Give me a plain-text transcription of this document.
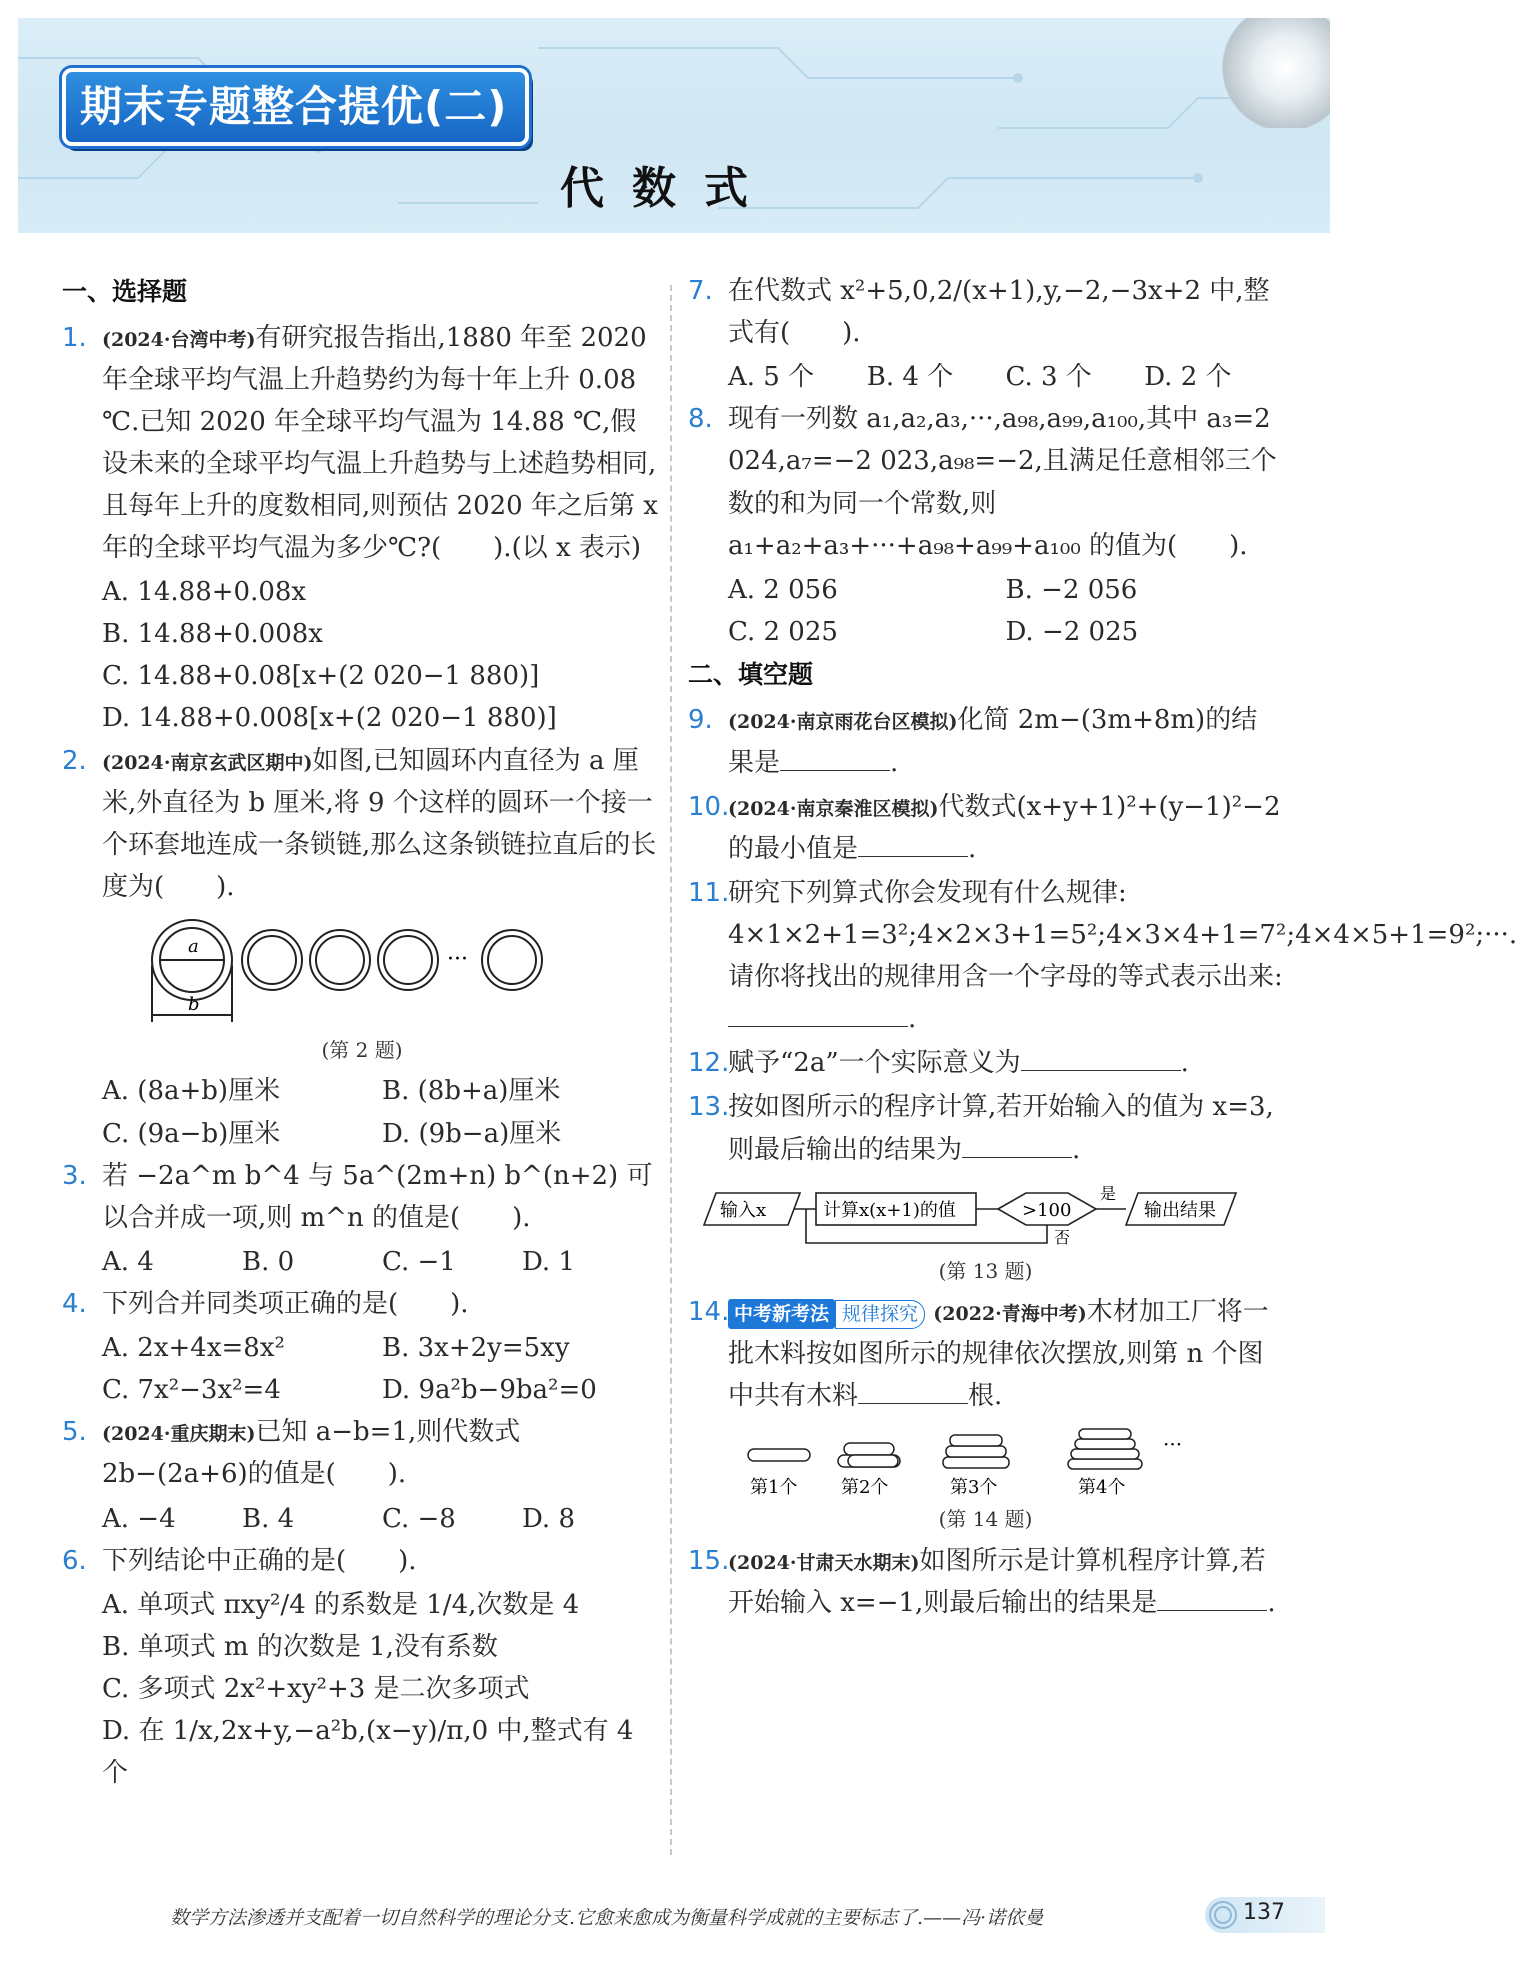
期末专题整合提优(二)
代数式
一、选择题
1. (2024·台湾中考)有研究报告指出,1880 年至 2020 年全球平均气温上升趋势约为每十年上升 0.08 ℃.已知 2020 年全球平均气温为 14.88 ℃,假设未来的全球平均气温上升趋势与上述趋势相同,且每年上升的度数相同,则预估 2020 年之后第 x 年的全球平均气温为多少℃?(　　).(以 x 表示)
A. 14.88+0.08x
B. 14.88+0.008x
C. 14.88+0.08[x+(2 020−1 880)]
D. 14.88+0.008[x+(2 020−1 880)]
2. (2024·南京玄武区期中)如图,已知圆环内直径为 a 厘米,外直径为 b 厘米,将 9 个这样的圆环一个接一个环套地连成一条锁链,那么这条锁链拉直后的长度为(　　).
a
b
···
(第 2 题)
A. (8a+b)厘米	B. (8b+a)厘米
C. (9a−b)厘米	D. (9b−a)厘米
3. 若 −2a^m b^4 与 5a^(2m+n) b^(n+2) 可以合并成一项,则 m^n 的值是(　　).
A. 4	B. 0	C. −1	D. 1
4. 下列合并同类项正确的是(　　).
A. 2x+4x=8x²	B. 3x+2y=5xy
C. 7x²−3x²=4	D. 9a²b−9ba²=0
5. (2024·重庆期末)已知 a−b=1,则代数式 2b−(2a+6)的值是(　　).
A. −4	B. 4	C. −8	D. 8
6. 下列结论中正确的是(　　).
A. 单项式 πxy²/4 的系数是 1/4,次数是 4
B. 单项式 m 的次数是 1,没有系数
C. 多项式 2x²+xy²+3 是二次多项式
D. 在 1/x,2x+y,−a²b,(x−y)/π,0 中,整式有 4 个
7. 在代数式 x²+5,0,2/(x+1),y,−2,−3x+2 中,整式有(　　).
A. 5 个	B. 4 个	C. 3 个	D. 2 个
8. 现有一列数 a₁,a₂,a₃,···,a₉₈,a₉₉,a₁₀₀,其中 a₃=2 024,a₇=−2 023,a₉₈=−2,且满足任意相邻三个数的和为同一个常数,则 a₁+a₂+a₃+···+a₉₈+a₉₉+a₁₀₀ 的值为(　　).
A. 2 056	B. −2 056
C. 2 025	D. −2 025
二、填空题
9. (2024·南京雨花台区模拟)化简 2m−(3m+8m)的结果是	.
10.
(2024·南京秦淮区模拟)代数式(x+y+1)²+(y−1)²−2 的最小值是	.
11.
研究下列算式你会发现有什么规律:
4×1×2+1=3²;4×2×3+1=5²;4×3×4+1=7²;4×4×5+1=9²;···.
请你将找出的规律用含一个字母的等式表示出来:.
12.
赋予“2a”一个实际意义为	.
13.
按如图所示的程序计算,若开始输入的值为 x=3,则最后输出的结果为	.
输入x	计算x(x+1)的值	>100
是
否
输出结果
(第 13 题)
14. 中考新考法 规律探究 (2022·青海中考)木材加工厂将一批木料按如图所示的规律依次摆放,则第 n 个图中共有木料	根.
第1个 第2个	第3个	第4个
···
(第 14 题)
15.
(2024·甘肃天水期末)如图所示是计算机程序计算,若开始输入 x=−1,则最后输出的结果是	.
数学方法渗透并支配着一切自然科学的理论分支.它愈来愈成为衡量科学成就的主要标志了.——冯·诺依曼	137
